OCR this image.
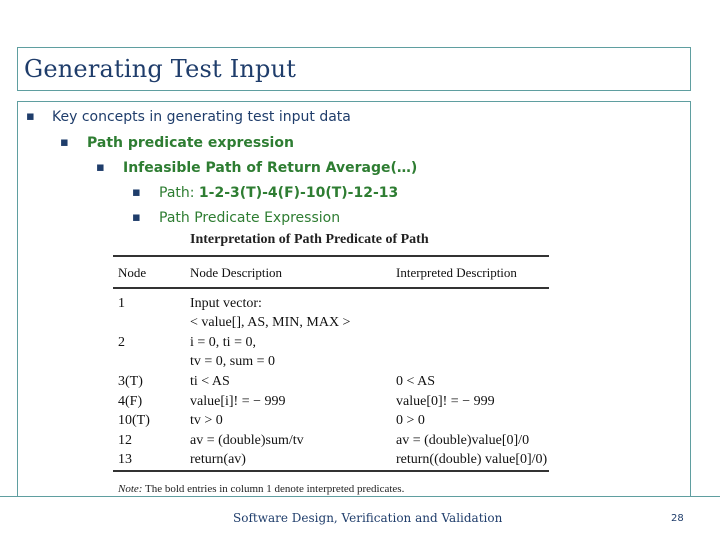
Generating Test Input
▪ Key concepts in generating test input data
▪ Path predicate expression
▪ Infeasible Path of Return Average(…)
▪ Path: 1-2-3(T)-4(F)-10(T)-12-13
▪ Path Predicate Expression
Interpretation of Path Predicate of Path
Node	Node Description	Interpreted Description
1	Input vector:
< value[], AS, MIN, MAX >
2	i = 0, ti = 0,
tv = 0, sum = 0
3(T)	ti < AS	0 < AS
4(F)	value[i]! = − 999	value[0]! = − 999
10(T)	tv > 0	0 > 0
12	av = (double)sum/tv	av = (double)value[0]/0
13	return(av)	return((double) value[0]/0)
Note: The bold entries in column 1 denote interpreted predicates.
Software Design, Verification and Validation	28
